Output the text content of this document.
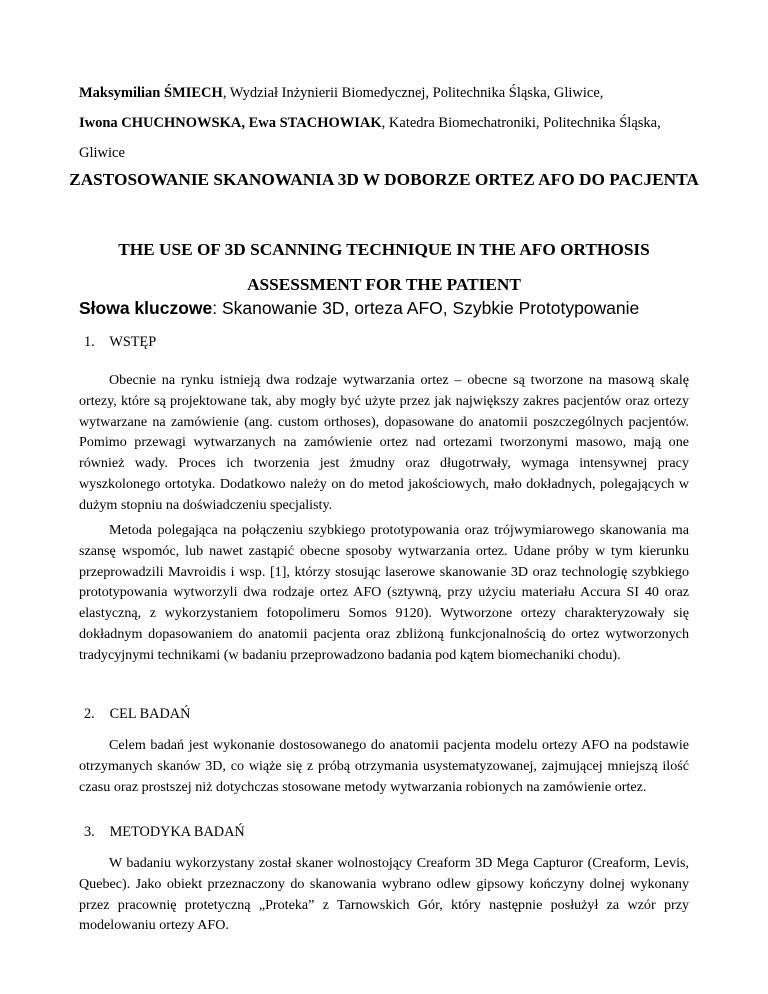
Maksymilian ŚMIECH, Wydział Inżynierii Biomedycznej, Politechnika Śląska, Gliwice,
Iwona CHUCHNOWSKA, Ewa STACHOWIAK, Katedra Biomechatroniki, Politechnika Śląska, Gliwice
ZASTOSOWANIE SKANOWANIA 3D W DOBORZE ORTEZ AFO DO PACJENTA
THE USE OF 3D SCANNING TECHNIQUE IN THE AFO ORTHOSIS ASSESSMENT FOR THE PATIENT
Słowa kluczowe: Skanowanie 3D, orteza AFO, Szybkie Prototypowanie
1. WSTĘP

Obecnie na rynku istnieją dwa rodzaje wytwarzania ortez – obecne są tworzone na masową skalę ortezy, które są projektowane tak, aby mogły być użyte przez jak największy zakres pacjentów oraz ortezy wytwarzane na zamówienie (ang. custom orthoses), dopasowane do anatomii poszczególnych pacjentów. Pomimo przewagi wytwarzanych na zamówienie ortez nad ortezami tworzonymi masowo, mają one również wady. Proces ich tworzenia jest żmudny oraz długotrwały, wymaga intensywnej pracy wyszkolonego ortotyka. Dodatkowo należy on do metod jakościowych, mało dokładnych, polegających w dużym stopniu na doświadczeniu specjalisty.

Metoda polegająca na połączeniu szybkiego prototypowania oraz trójwymiarowego skanowania ma szansę wspomóc, lub nawet zastąpić obecne sposoby wytwarzania ortez. Udane próby w tym kierunku przeprowadzili Mavroidis i wsp. [1], którzy stosując laserowe skanowanie 3D oraz technologię szybkiego prototypowania wytworzyli dwa rodzaje ortez AFO (sztywną, przy użyciu materiału Accura SI 40 oraz elastyczną, z wykorzystaniem fotopolimeru Somos 9120). Wytworzone ortezy charakteryzowały się dokładnym dopasowaniem do anatomii pacjenta oraz zbliżoną funkcjonalnością do ortez wytworzonych tradycyjnymi technikami (w badaniu przeprowadzono badania pod kątem biomechaniki chodu).

2. CEL BADAŃ

Celem badań jest wykonanie dostosowanego do anatomii pacjenta modelu ortezy AFO na podstawie otrzymanych skanów 3D, co wiąże się z próbą otrzymania usystematyzowanej, zajmującej mniejszą ilość czasu oraz prostszej niż dotychczas stosowane metody wytwarzania robionych na zamówienie ortez.

3. METODYKA BADAŃ

W badaniu wykorzystany został skaner wolnostojący Creaform 3D Mega Capturor (Creaform, Levis, Quebec). Jako obiekt przeznaczony do skanowania wybrano odlew gipsowy kończyny dolnej wykonany przez pracownię protetyczną „Proteka” z Tarnowskich Gór, który następnie posłużył za wzór przy modelowaniu ortezy AFO.
